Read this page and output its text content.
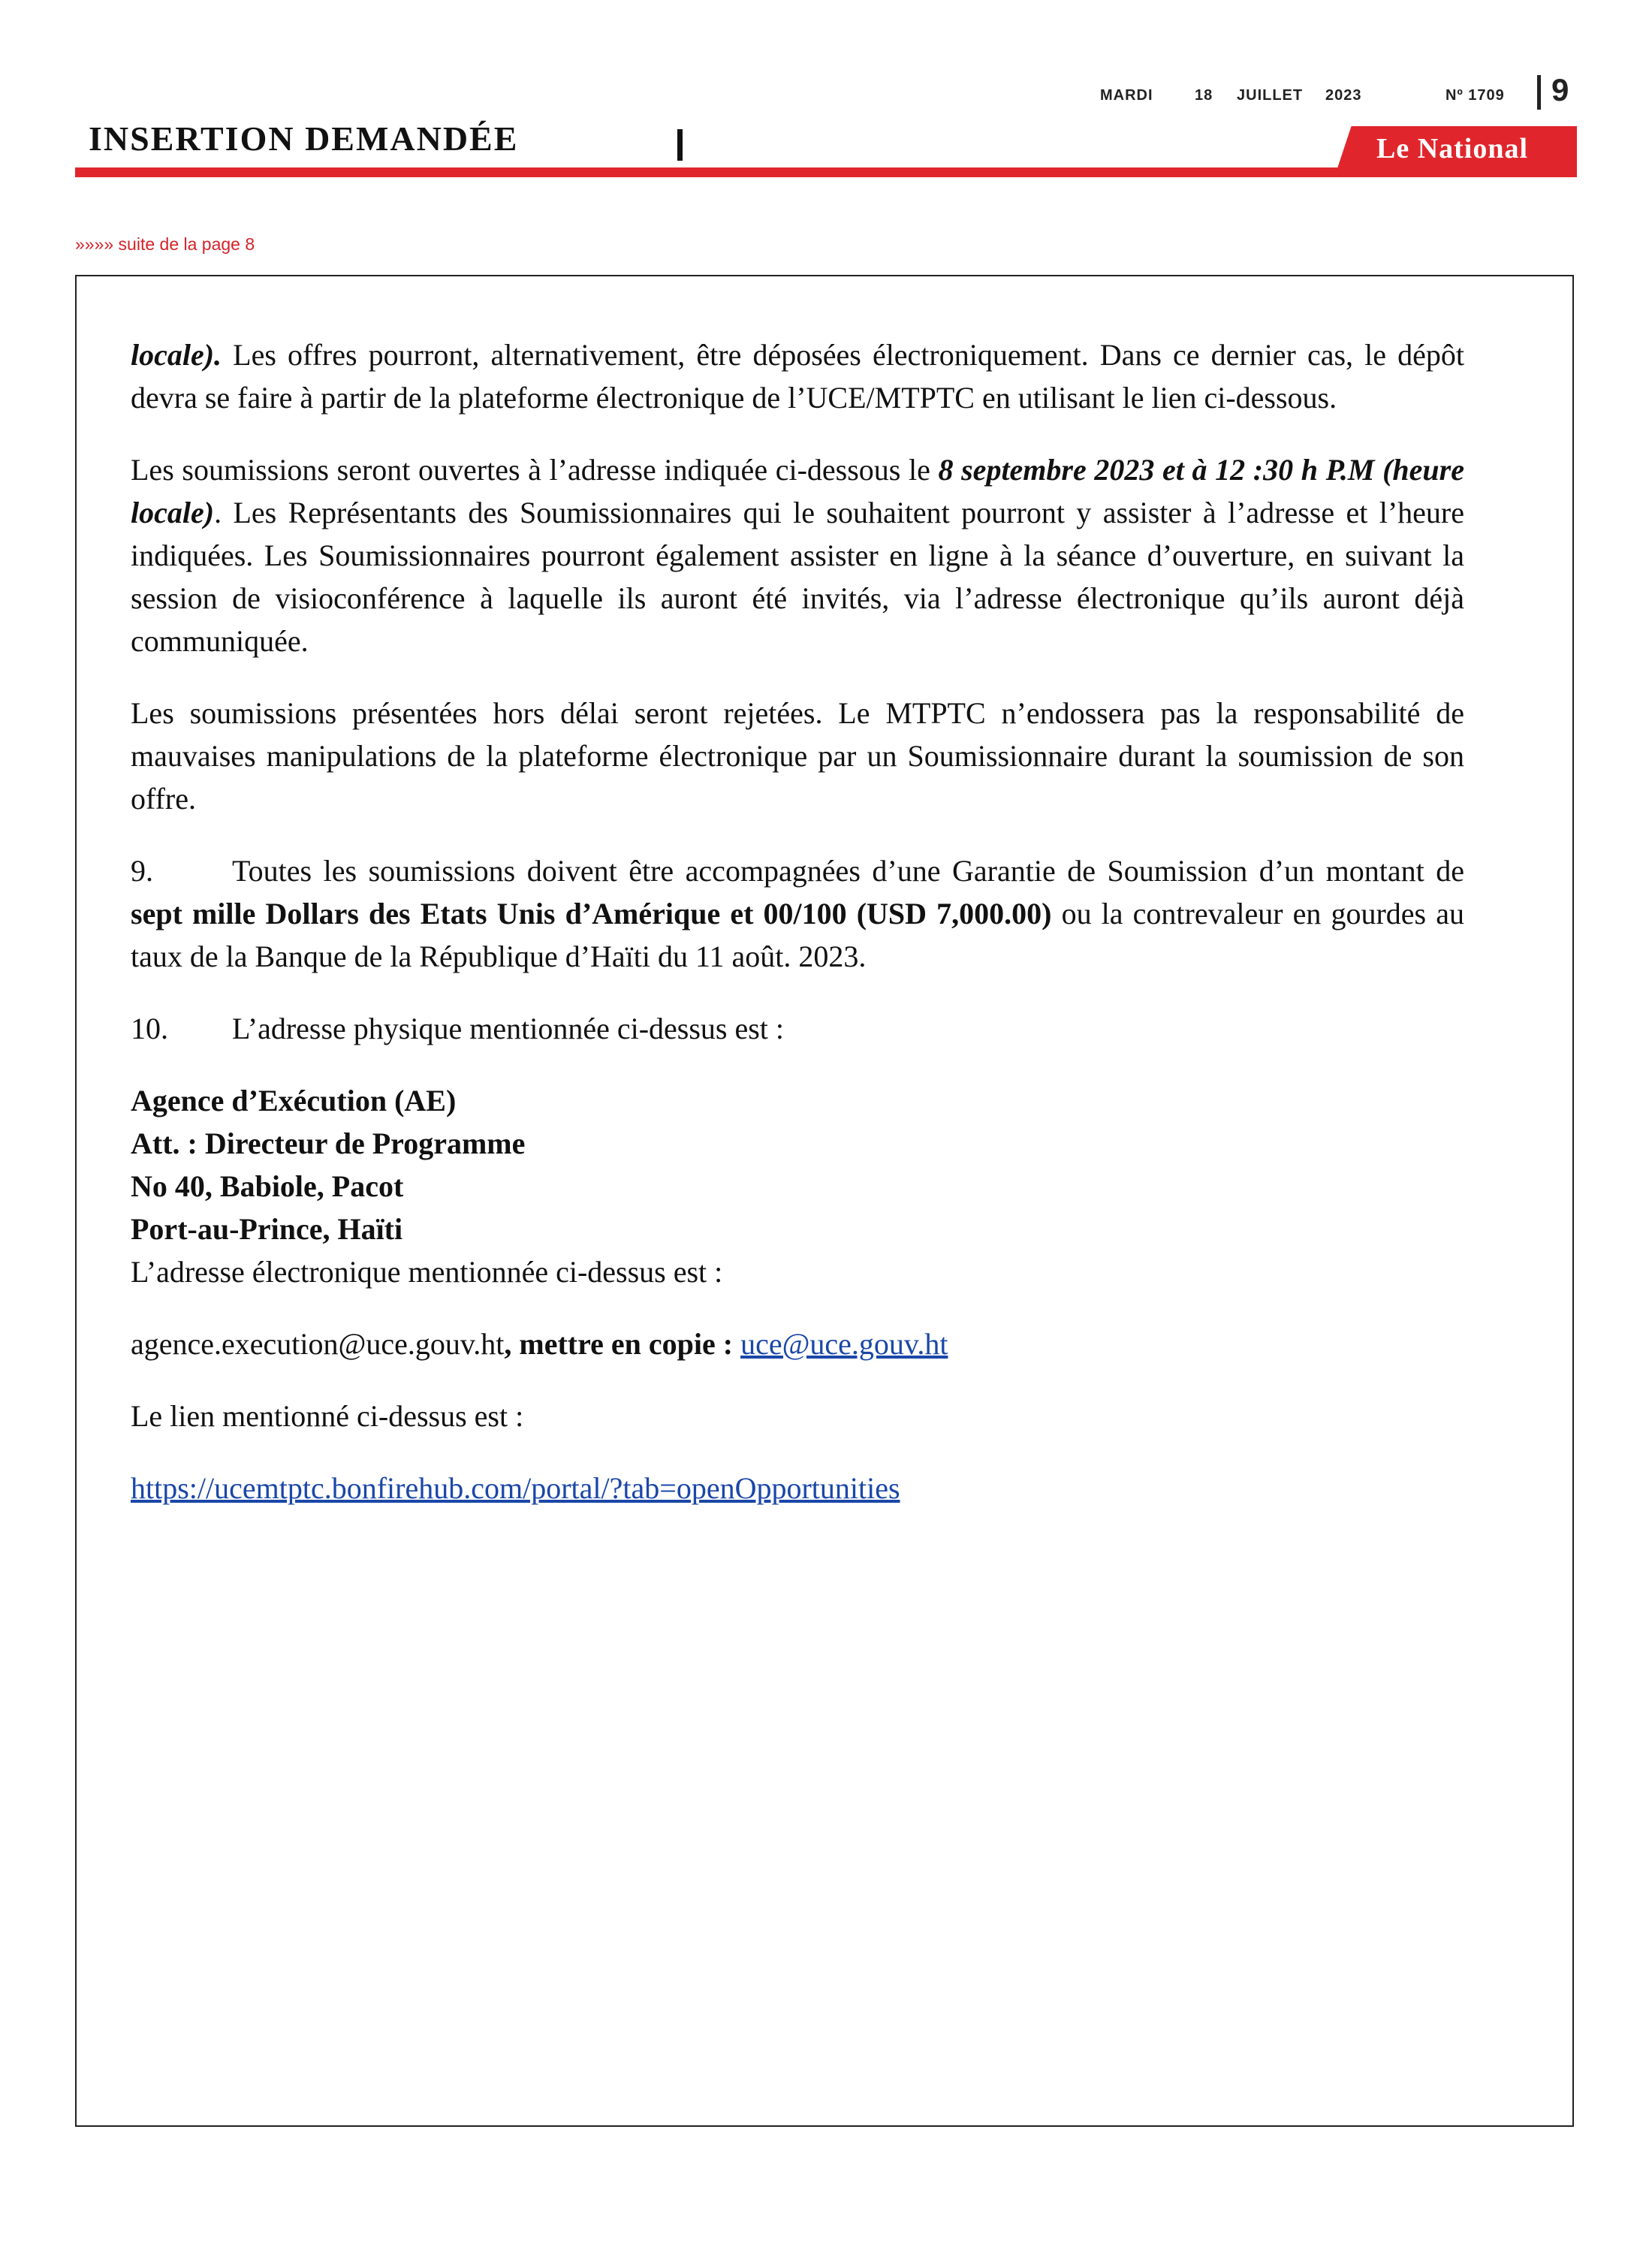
MARDI	18 JUILLET 2023	Nº 1709 9
INSERTION DEMANDÉE	Le National
»»»» suite de la page 8

locale). Les offres pourront, alternativement, être déposées électroniquement. Dans ce dernier cas, le dépôt devra se faire à partir de la plateforme électronique de l’UCE/MTPTC en utilisant le lien ci-dessous.

Les soumissions seront ouvertes à l’adresse indiquée ci-dessous le 8 septembre 2023 et à 12 :30 h P.M (heure locale). Les Représentants des Soumissionnaires qui le souhaitent pourront y assister à l’adresse et l’heure indiquées. Les Soumissionnaires pourront également assister en ligne à la séance d’ouverture, en suivant la session de visioconférence à laquelle ils auront été invités, via l’adresse électronique qu’ils auront déjà communiquée.

Les soumissions présentées hors délai seront rejetées. Le MTPTC n’endossera pas la responsabilité de mauvaises manipulations de la plateforme électronique par un Soumissionnaire durant la soumission de son offre.

9.	Toutes les soumissions doivent être accompagnées d’une Garantie de Soumission d’un montant de sept mille Dollars des Etats Unis d’Amérique et 00/100 (USD 7,000.00) ou la contrevaleur en gourdes au taux de la Banque de la République d’Haïti du 11 août. 2023.

10. L’adresse physique mentionnée ci-dessus est :

Agence d’Exécution (AE)
Att. : Directeur de Programme
No 40, Babiole, Pacot
Port-au-Prince, Haïti
L’adresse électronique mentionnée ci-dessus est :

agence.execution@uce.gouv.ht, mettre en copie : uce@uce.gouv.ht

Le lien mentionné ci-dessus est :

https://ucemtptc.bonfirehub.com/portal/?tab=openOpportunities
